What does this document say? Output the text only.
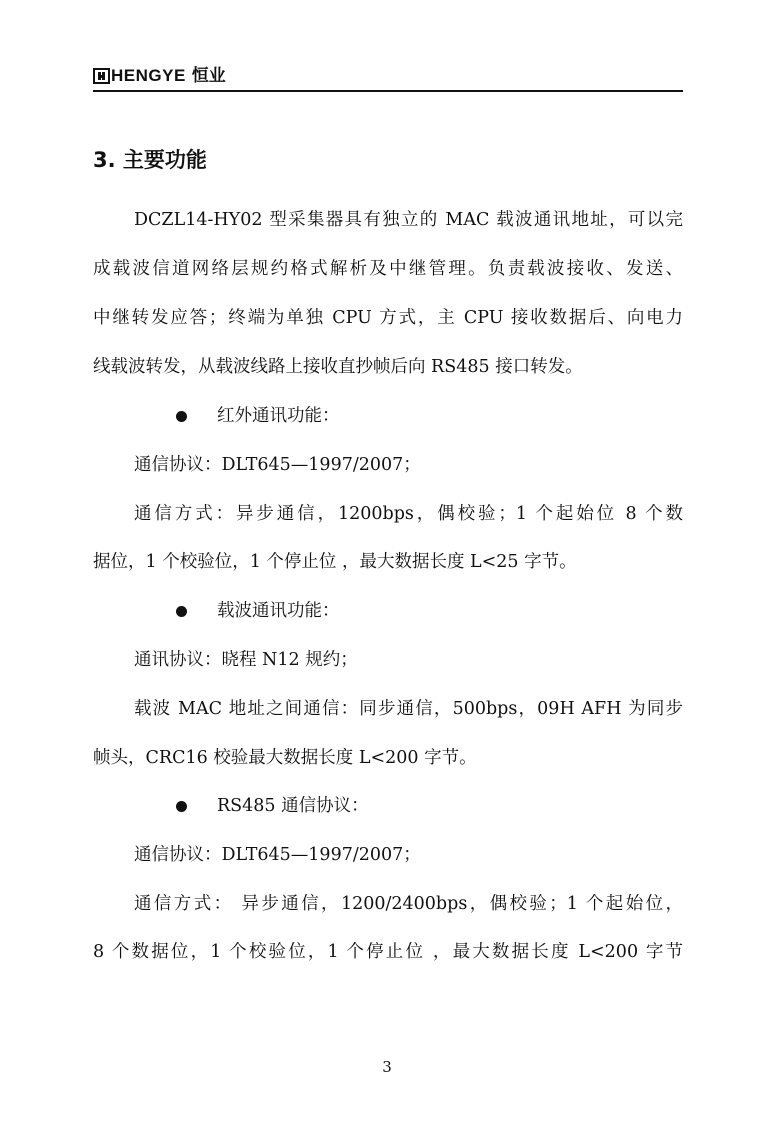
HENGYE 恒业
3. 主要功能
DCZL14-HY02 型采集器具有独立的 MAC 载波通讯地址，可以完
成载波信道网络层规约格式解析及中继管理。负责载波接收、发送、
中继转发应答；终端为单独 CPU 方式，主 CPU 接收数据后、向电力
线载波转发，从载波线路上接收直抄帧后向 RS485 接口转发。
红外通讯功能：
通信协议：DLT645—1997/2007；
通信方式：异步通信，1200bps，偶校验；1 个起始位 8 个数
据位，1 个校验位，1 个停止位 ，最大数据长度 L<25 字节。
载波通讯功能：
通讯协议：晓程 N12 规约；
载波 MAC 地址之间通信：同步通信，500bps，09H AFH 为同步
帧头，CRC16 校验最大数据长度 L<200 字节。
RS485 通信协议：
通信协议：DLT645—1997/2007；
通信方式： 异步通信，1200/2400bps，偶校验；1 个起始位，
8 个数据位，1 个校验位，1 个停止位 ，最大数据长度 L<200 字节
3
